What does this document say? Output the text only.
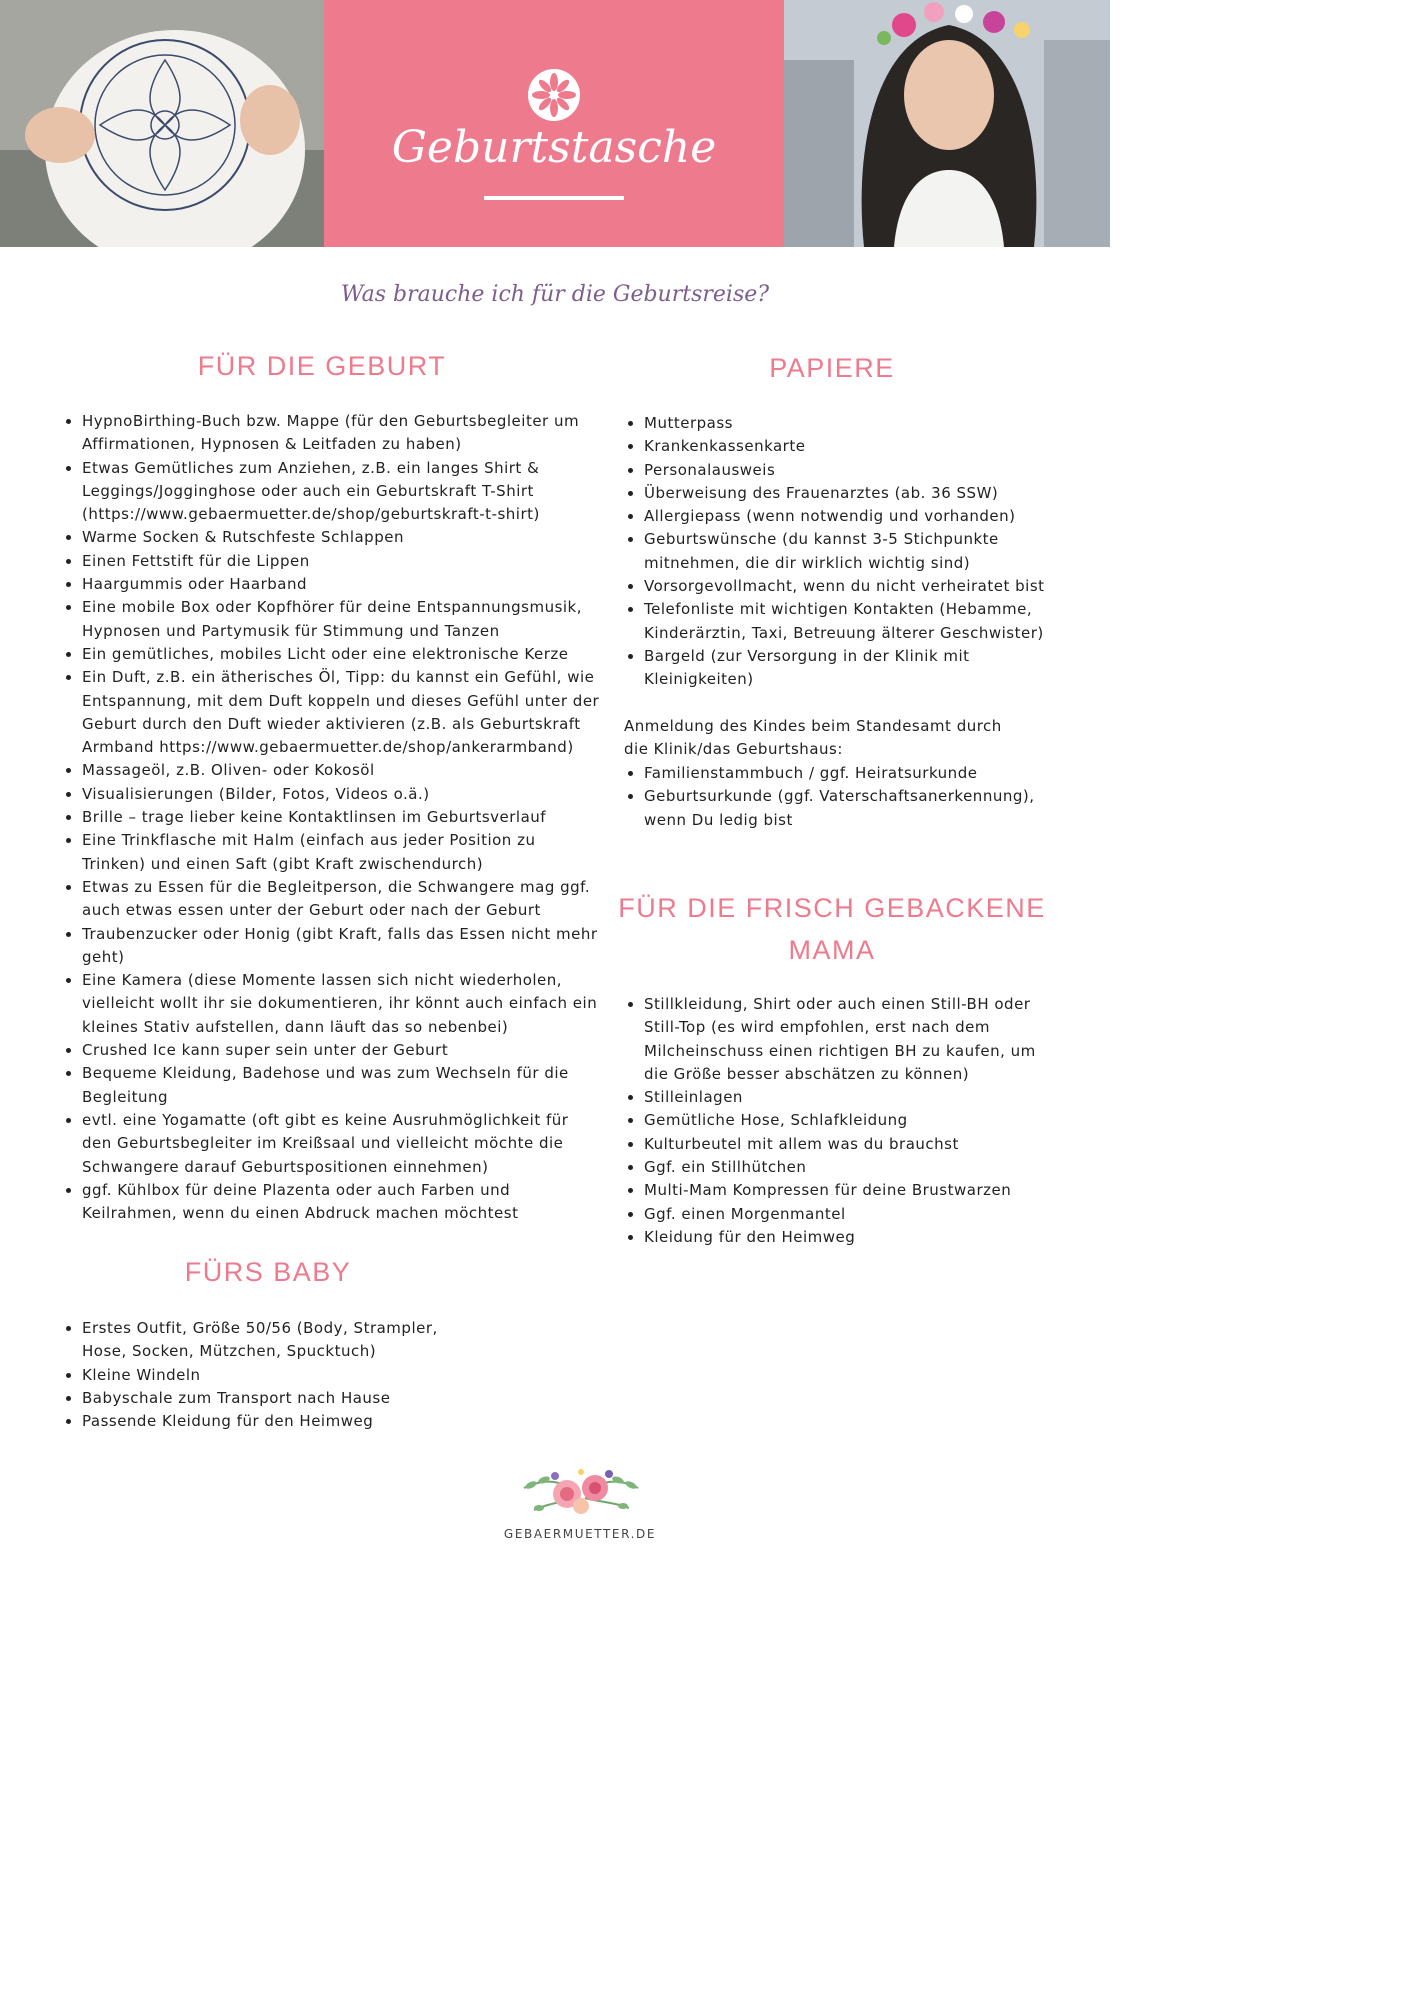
Geburtstasche
Was brauche ich für die Geburtsreise?
FÜR DIE GEBURT
• HypnoBirthing-Buch bzw. Mappe (für den Geburtsbegleiter um Affirmationen, Hypnosen & Leitfaden zu haben)
• Etwas Gemütliches zum Anziehen, z.B. ein langes Shirt & Leggings/Jogginghose oder auch ein Geburtskraft T-Shirt (https://www.gebaermuetter.de/shop/geburtskraft-t-shirt)
• Warme Socken & Rutschfeste Schlappen
• Einen Fettstift für die Lippen
• Haargummis oder Haarband
• Eine mobile Box oder Kopfhörer für deine Entspannungsmusik, Hypnosen und Partymusik für Stimmung und Tanzen
• Ein gemütliches, mobiles Licht oder eine elektronische Kerze
• Ein Duft, z.B. ein ätherisches Öl, Tipp: du kannst ein Gefühl, wie Entspannung, mit dem Duft koppeln und dieses Gefühl unter der Geburt durch den Duft wieder aktivieren (z.B. als Geburtskraft Armband https://www.gebaermuetter.de/shop/ankerarmband)
• Massageöl, z.B. Oliven- oder Kokosöl
• Visualisierungen (Bilder, Fotos, Videos o.ä.)
• Brille – trage lieber keine Kontaktlinsen im Geburtsverlauf
• Eine Trinkflasche mit Halm (einfach aus jeder Position zu Trinken) und einen Saft (gibt Kraft zwischendurch)
• Etwas zu Essen für die Begleitperson, die Schwangere mag ggf. auch etwas essen unter der Geburt oder nach der Geburt
• Traubenzucker oder Honig (gibt Kraft, falls das Essen nicht mehr geht)
• Eine Kamera (diese Momente lassen sich nicht wiederholen, vielleicht wollt ihr sie dokumentieren, ihr könnt auch einfach ein kleines Stativ aufstellen, dann läuft das so nebenbei)
• Crushed Ice kann super sein unter der Geburt
• Bequeme Kleidung, Badehose und was zum Wechseln für die Begleitung
• evtl. eine Yogamatte (oft gibt es keine Ausruhmöglichkeit für den Geburtsbegleiter im Kreißsaal und vielleicht möchte die Schwangere darauf Geburtspositionen einnehmen)
• ggf. Kühlbox für deine Plazenta oder auch Farben und Keilrahmen, wenn du einen Abdruck machen möchtest
FÜRS BABY
• Erstes Outfit, Größe 50/56 (Body, Strampler, Hose, Socken, Mützchen, Spucktuch)
• Kleine Windeln
• Babyschale zum Transport nach Hause
• Passende Kleidung für den Heimweg
PAPIERE
• Mutterpass
• Krankenkassenkarte
• Personalausweis
• Überweisung des Frauenarztes (ab. 36 SSW)
• Allergiepass (wenn notwendig und vorhanden)
• Geburtswünsche (du kannst 3-5 Stichpunkte mitnehmen, die dir wirklich wichtig sind)
• Vorsorgevollmacht, wenn du nicht verheiratet bist
• Telefonliste mit wichtigen Kontakten (Hebamme, Kinderärztin, Taxi, Betreuung älterer Geschwister)
• Bargeld (zur Versorgung in der Klinik mit Kleinigkeiten)
Anmeldung des Kindes beim Standesamt durch die Klinik/das Geburtshaus:
• Familienstammbuch / ggf. Heiratsurkunde
• Geburtsurkunde (ggf. Vaterschaftsanerkennung), wenn Du ledig bist
FÜR DIE FRISCH GEBACKENE
MAMA
• Stillkleidung, Shirt oder auch einen Still-BH oder Still-Top (es wird empfohlen, erst nach dem Milcheinschuss einen richtigen BH zu kaufen, um die Größe besser abschätzen zu können)
• Stilleinlagen
• Gemütliche Hose, Schlafkleidung
• Kulturbeutel mit allem was du brauchst
• Ggf. ein Stillhütchen
• Multi-Mam Kompressen für deine Brustwarzen
• Ggf. einen Morgenmantel
• Kleidung für den Heimweg
GEBAERMUETTER.DE
